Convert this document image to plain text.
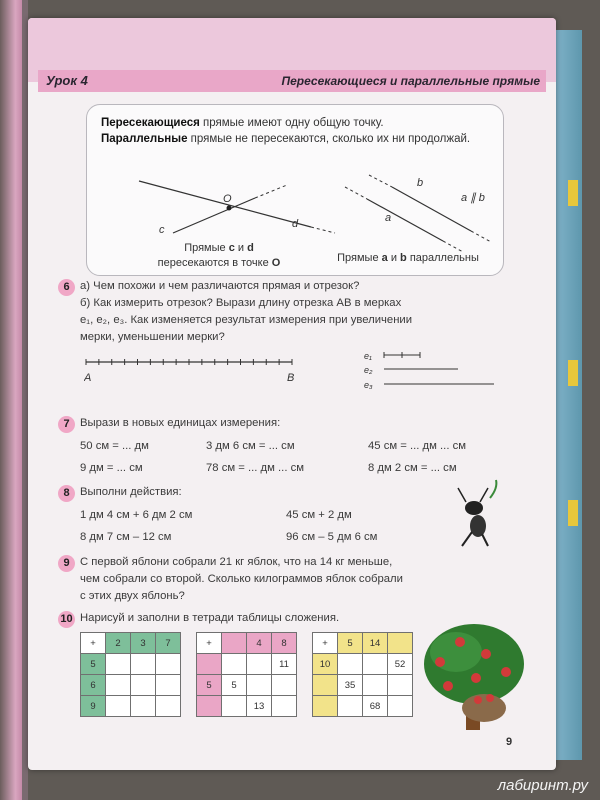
Урок 4	Пересекающиеся и параллельные прямые
Пересекающиеся прямые имеют одну общую точку.
Параллельные прямые не пересекаются, сколько их ни продолжай.
O
c	d
b
a
a ∥ b
Прямые c и d
пересекаются в точке O	Прямые a и b параллельны
6 а) Чем похожи и чем различаются прямая и отрезок?
б) Как измерить отрезок? Вырази длину отрезка AB в мерках
e₁, e₂, e₃. Как изменяется результат измерения при увеличении
мерки, уменьшении мерки?
A	B
e₁
e₂
e₃
7 Вырази в новых единицах измерения:
50 см = ... дм	3 дм 6 см = ... см	45 см = ... дм ... см
9 дм = ... см	78 см = ... дм ... см	8 дм 2 см = ... см
8 Выполни действия:
1 дм 4 см + 6 дм 2 см	45 см + 2 дм
8 дм 7 см – 12 см	96 см – 5 дм 6 см
9 С первой яблони собрали 21 кг яблок, что на 14 кг меньше,
чем собрали со второй. Сколько килограммов яблок собрали
с этих двух яблонь?
10 Нарисуй и заполни в тетради таблицы сложения.
+	2	3	7
5			
6			
9			
+		4	8
			11
5	5		
		13	
+	5	14	
10			52
	35		
		68	
9
лабиринт.ру
